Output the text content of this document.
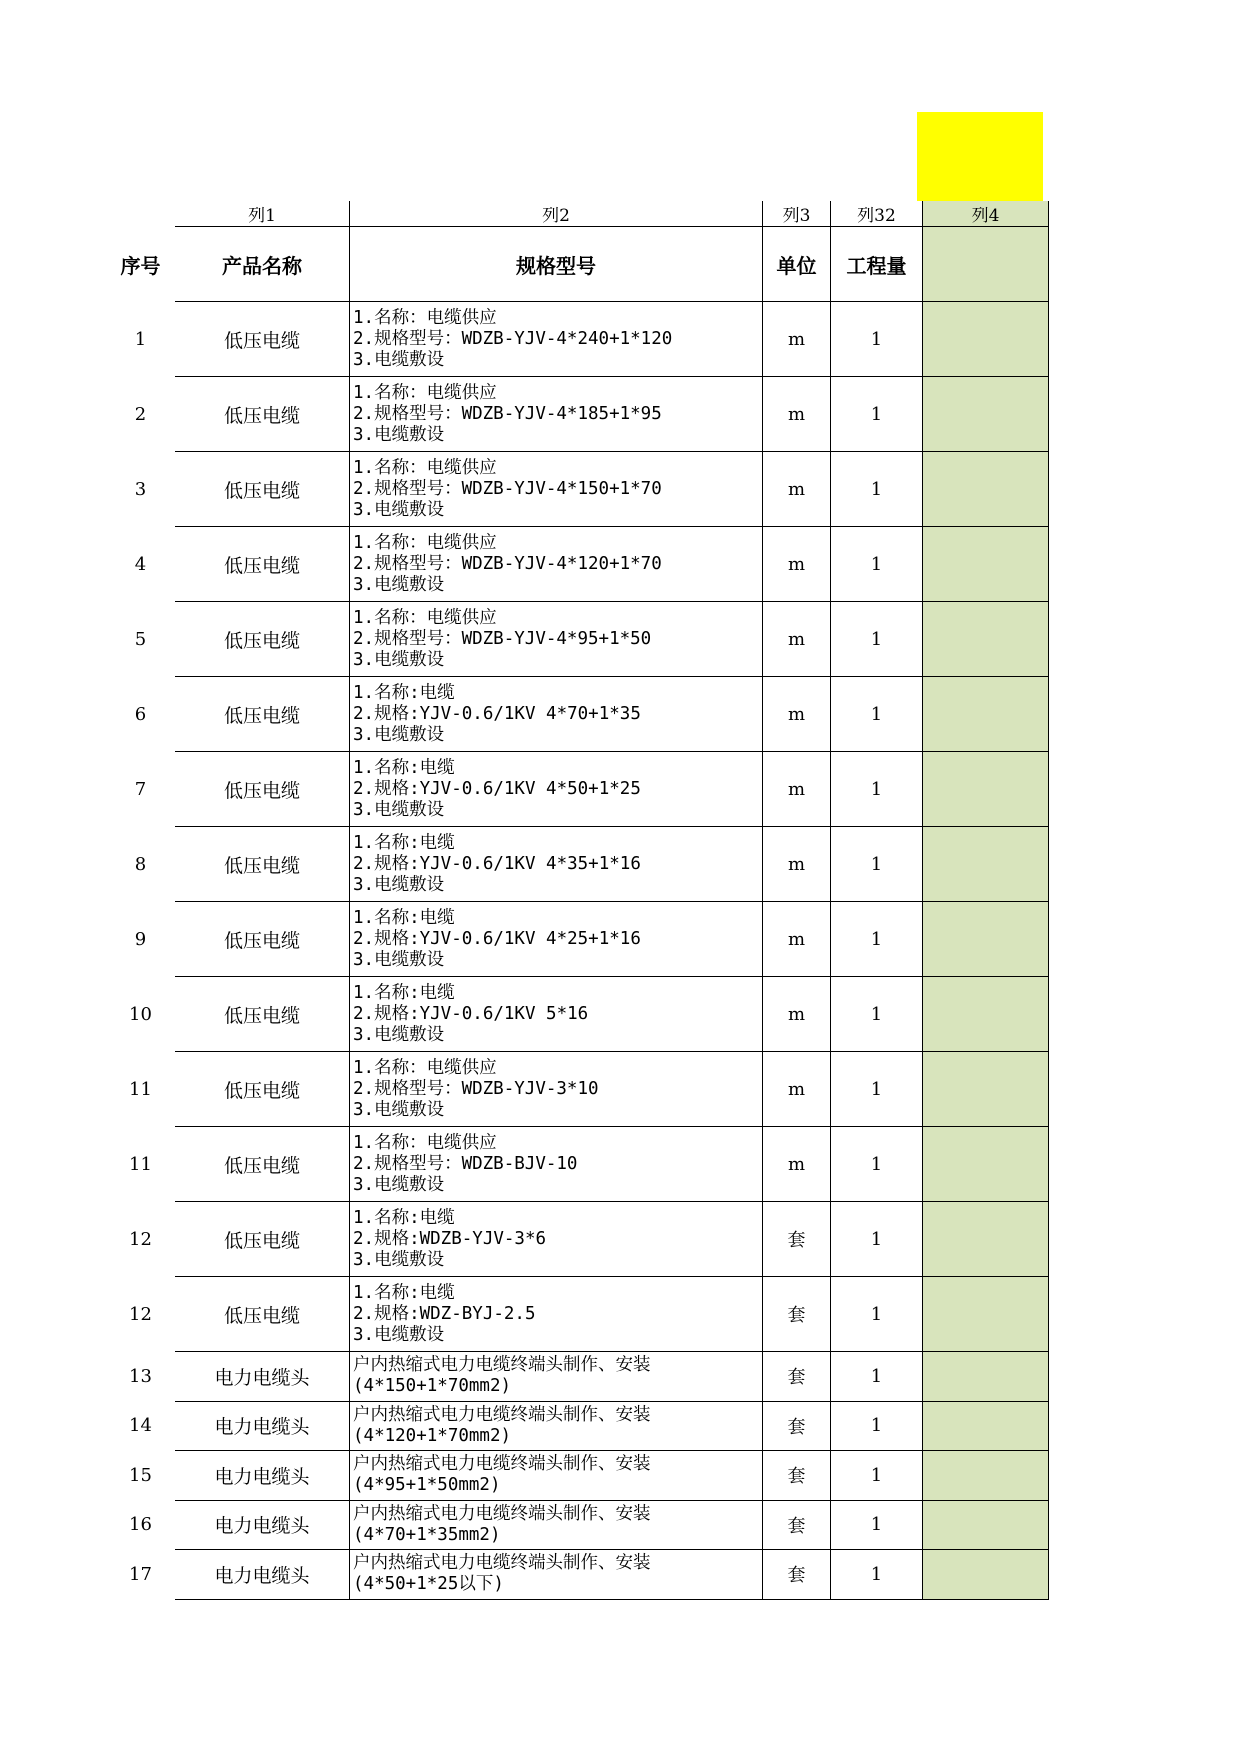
	列1	列2	列3	列32	列4
序号	产品名称	规格型号	单位	工程量	
1	低压电缆	1.名称：电缆供应
2.规格型号：WDZB-YJV-4*240+1*120
3.电缆敷设	m	1	
2	低压电缆	1.名称：电缆供应
2.规格型号：WDZB-YJV-4*185+1*95
3.电缆敷设	m	1	
3	低压电缆	1.名称：电缆供应
2.规格型号：WDZB-YJV-4*150+1*70
3.电缆敷设	m	1	
4	低压电缆	1.名称：电缆供应
2.规格型号：WDZB-YJV-4*120+1*70
3.电缆敷设	m	1	
5	低压电缆	1.名称：电缆供应
2.规格型号：WDZB-YJV-4*95+1*50
3.电缆敷设	m	1	
6	低压电缆	1.名称:电缆
2.规格:YJV-0.6/1KV 4*70+1*35
3.电缆敷设	m	1	
7	低压电缆	1.名称:电缆
2.规格:YJV-0.6/1KV 4*50+1*25
3.电缆敷设	m	1	
8	低压电缆	1.名称:电缆
2.规格:YJV-0.6/1KV 4*35+1*16
3.电缆敷设	m	1	
9	低压电缆	1.名称:电缆
2.规格:YJV-0.6/1KV 4*25+1*16
3.电缆敷设	m	1	
10	低压电缆	1.名称:电缆
2.规格:YJV-0.6/1KV 5*16
3.电缆敷设	m	1	
11	低压电缆	1.名称：电缆供应
2.规格型号：WDZB-YJV-3*10
3.电缆敷设	m	1	
11	低压电缆	1.名称：电缆供应
2.规格型号：WDZB-BJV-10
3.电缆敷设	m	1	
12	低压电缆	1.名称:电缆
2.规格:WDZB-YJV-3*6
3.电缆敷设	套	1	
12	低压电缆	1.名称:电缆
2.规格:WDZ-BYJ-2.5
3.电缆敷设	套	1	
13	电力电缆头	户内热缩式电力电缆终端头制作、安装
(4*150+1*70mm2)	套	1	
14	电力电缆头	户内热缩式电力电缆终端头制作、安装
(4*120+1*70mm2)	套	1	
15	电力电缆头	户内热缩式电力电缆终端头制作、安装
(4*95+1*50mm2)	套	1	
16	电力电缆头	户内热缩式电力电缆终端头制作、安装
(4*70+1*35mm2)	套	1	
17	电力电缆头	户内热缩式电力电缆终端头制作、安装
(4*50+1*25以下)	套	1	
